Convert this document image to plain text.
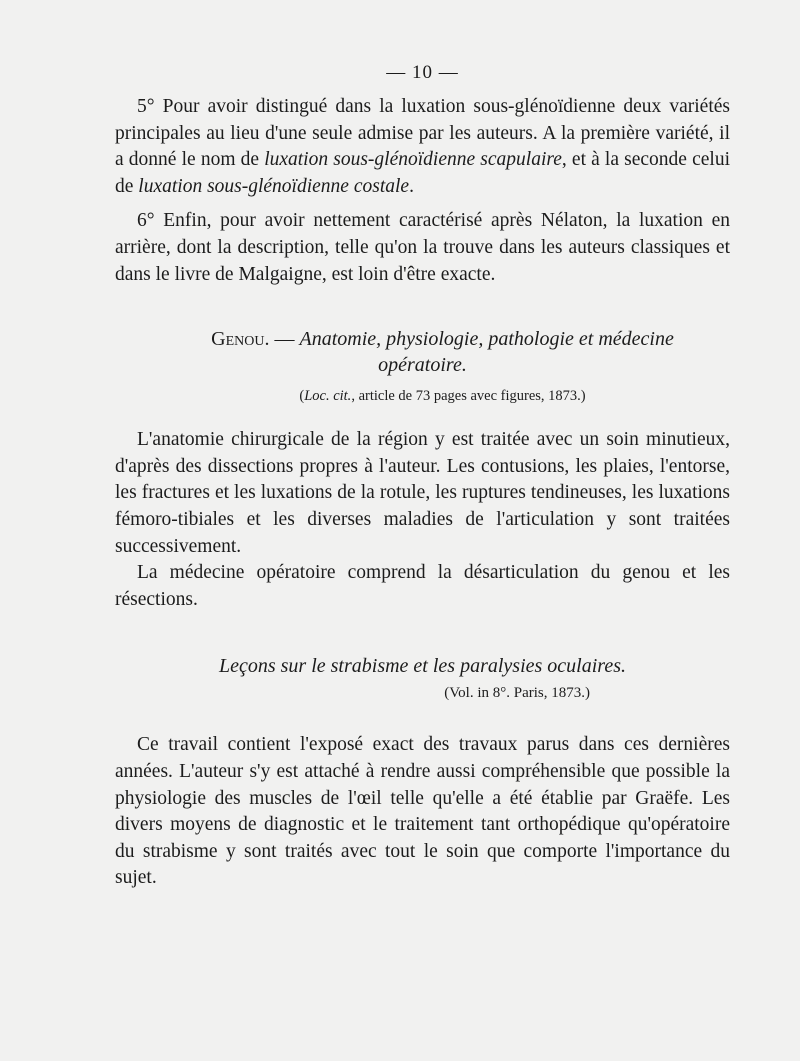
— 10 —

5° Pour avoir distingué dans la luxation sous-glénoïdienne deux variétés principales au lieu d'une seule admise par les auteurs. A la première variété, il a donné le nom de luxation sous-glénoïdienne scapulaire, et à la seconde celui de luxation sous-glénoïdienne costale.

6° Enfin, pour avoir nettement caractérisé après Nélaton, la luxation en arrière, dont la description, telle qu'on la trouve dans les auteurs classiques et dans le livre de Malgaigne, est loin d'être exacte.

Genou. — Anatomie, physiologie, pathologie et médecine
opératoire.
(Loc. cit., article de 73 pages avec figures, 1873.)

L'anatomie chirurgicale de la région y est traitée avec un soin minutieux, d'après des dissections propres à l'auteur. Les contusions, les plaies, l'entorse, les fractures et les luxations de la rotule, les ruptures tendineuses, les luxations fémoro-tibiales et les diverses maladies de l'articulation y sont traitées successivement.

La médecine opératoire comprend la désarticulation du genou et les résections.

Leçons sur le strabisme et les paralysies oculaires.
(Vol. in 8°. Paris, 1873.)

Ce travail contient l'exposé exact des travaux parus dans ces dernières années. L'auteur s'y est attaché à rendre aussi compréhensible que possible la physiologie des muscles de l'œil telle qu'elle a été établie par Graëfe. Les divers moyens de diagnostic et le traitement tant orthopédique qu'opératoire du strabisme y sont traités avec tout le soin que comporte l'importance du sujet.
